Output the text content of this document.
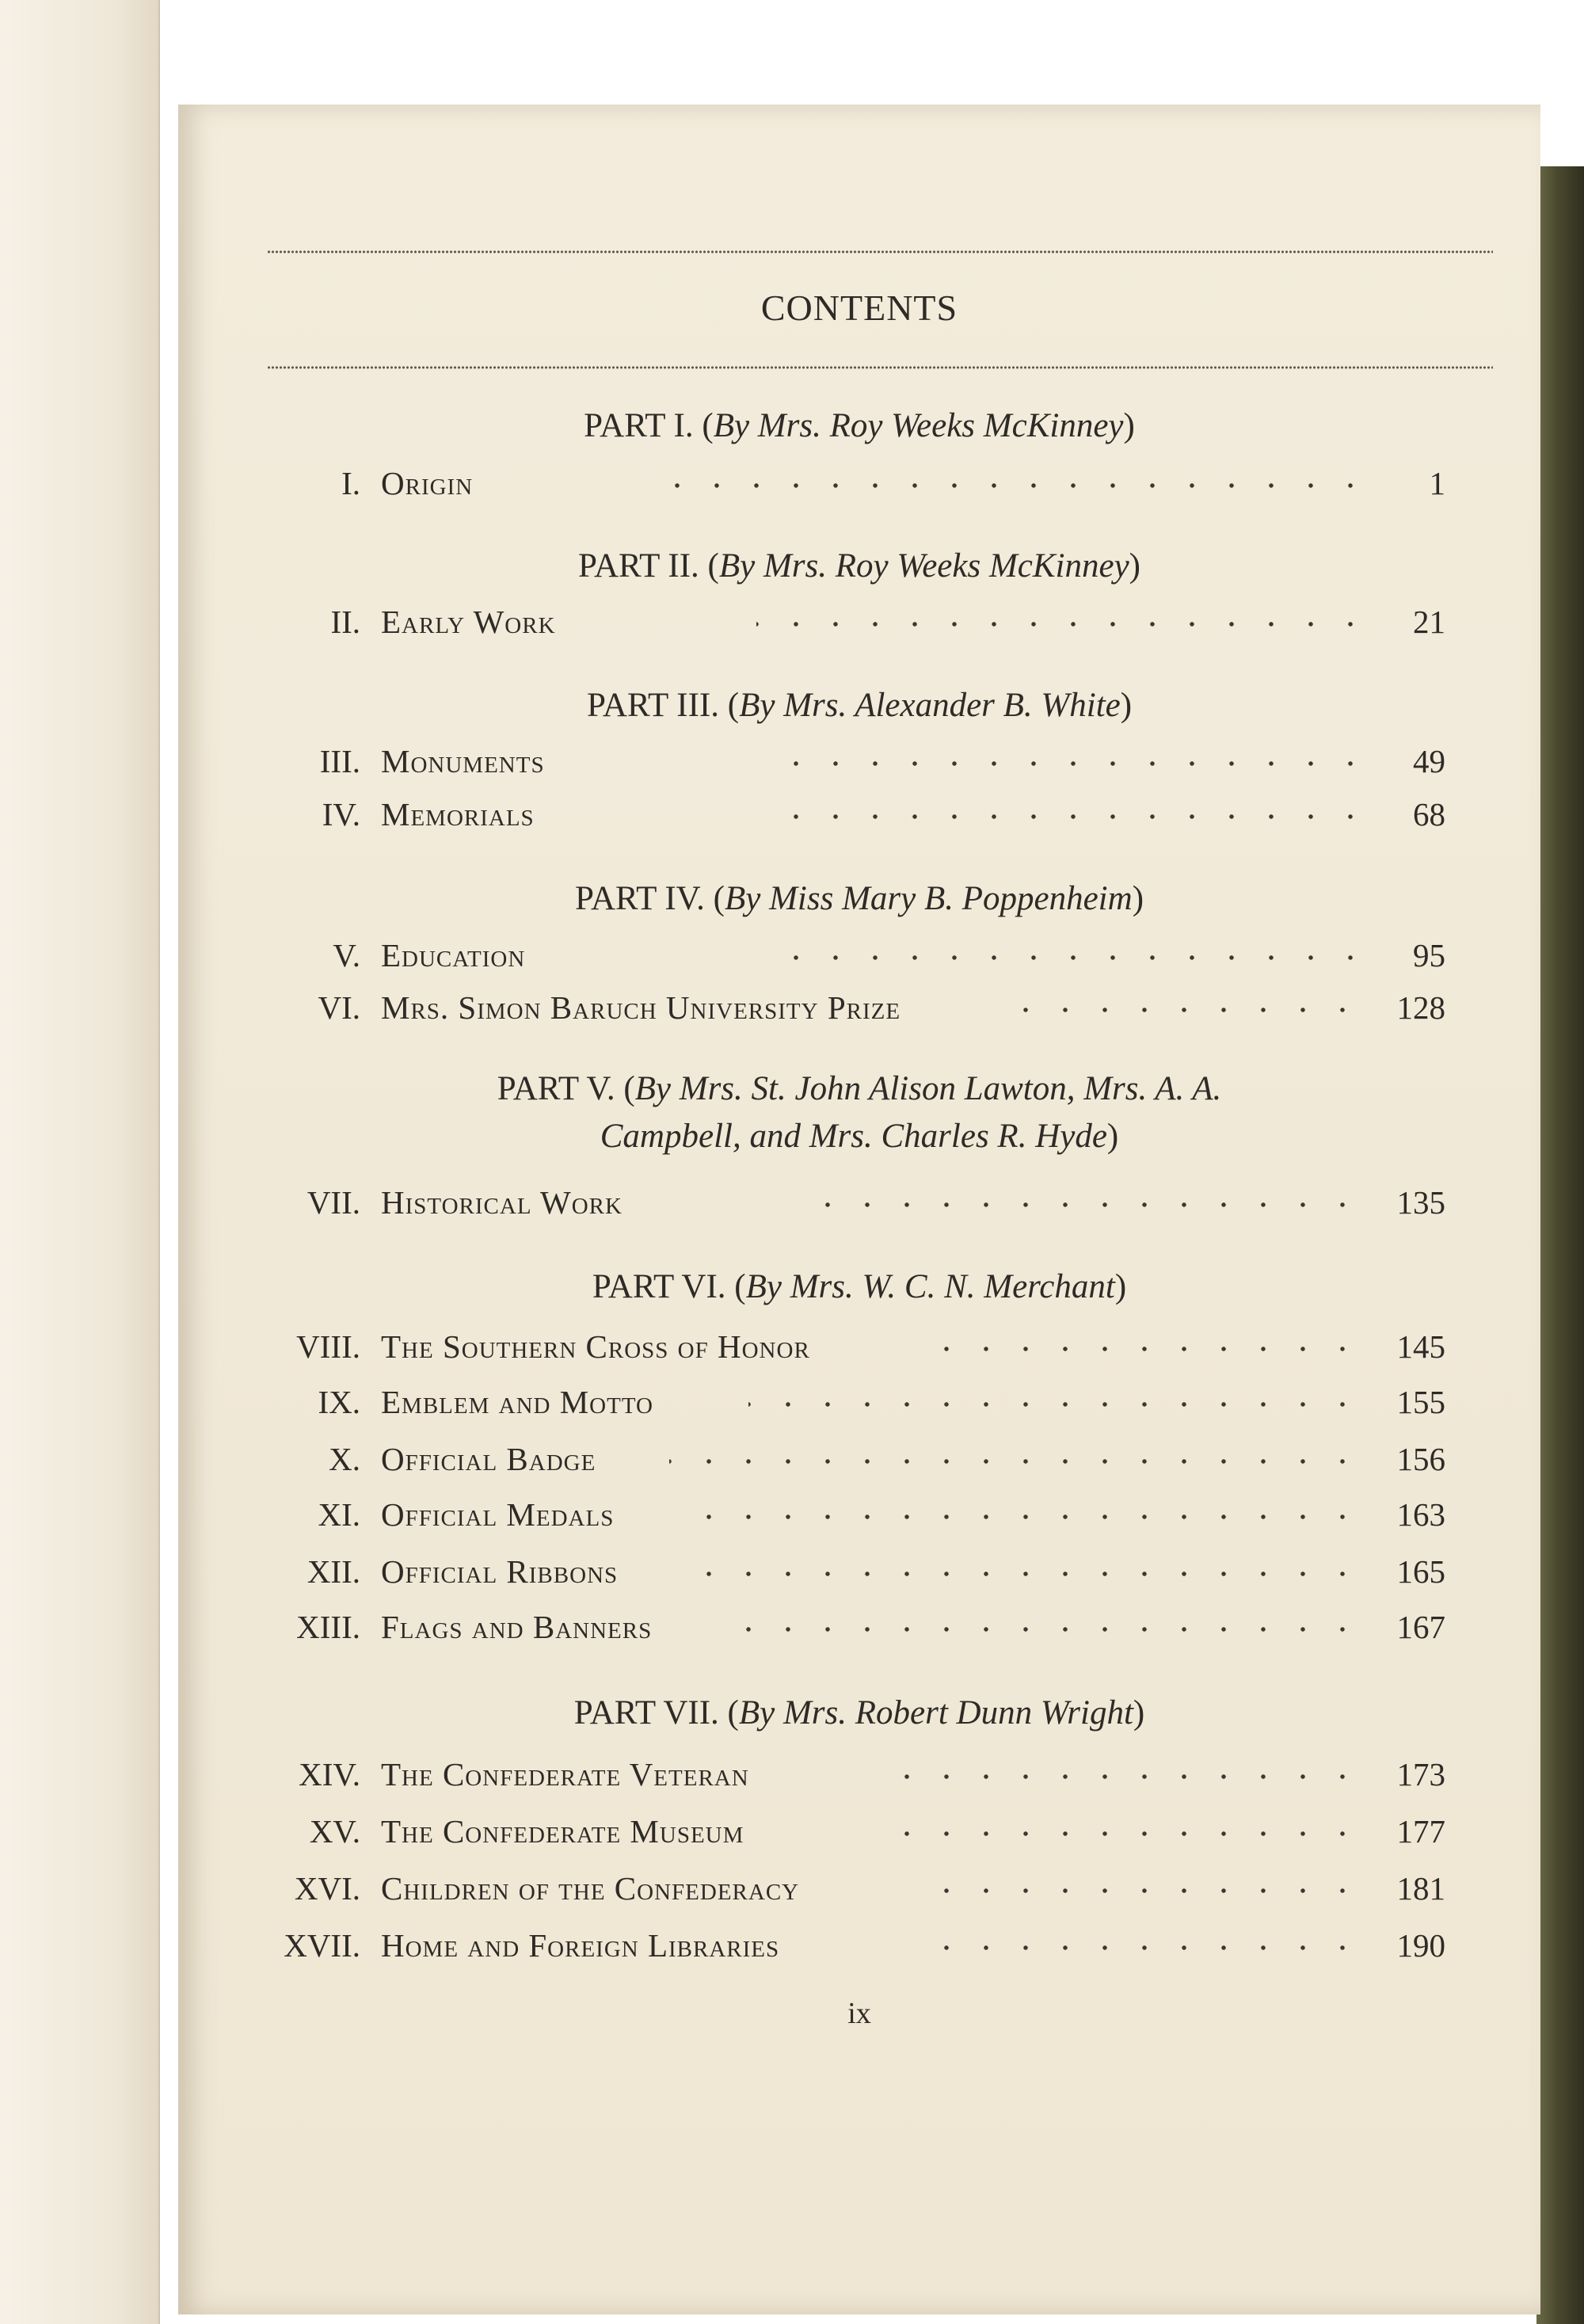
CONTENTS
PART I. (By Mrs. Roy Weeks McKinney)
I. Origin	1
PART II. (By Mrs. Roy Weeks McKinney)
II. Early Work	21
PART III. (By Mrs. Alexander B. White)
III. Monuments	49
IV. Memorials	68
PART IV. (By Miss Mary B. Poppenheim)
V. Education	95
VI. Mrs. Simon Baruch University Prize	128
PART V. (By Mrs. St. John Alison Lawton, Mrs. A. A.
Campbell, and Mrs. Charles R. Hyde)
VII. Historical Work	135
PART VI. (By Mrs. W. C. N. Merchant)
VIII. The Southern Cross of Honor	145
IX. Emblem and Motto	155
X. Official Badge	156
XI. Official Medals	163
XII. Official Ribbons	165
XIII. Flags and Banners	167
PART VII. (By Mrs. Robert Dunn Wright)
XIV. The Confederate Veteran	173
XV. The Confederate Museum	177
XVI. Children of the Confederacy	181
XVII. Home and Foreign Libraries	190
ix
